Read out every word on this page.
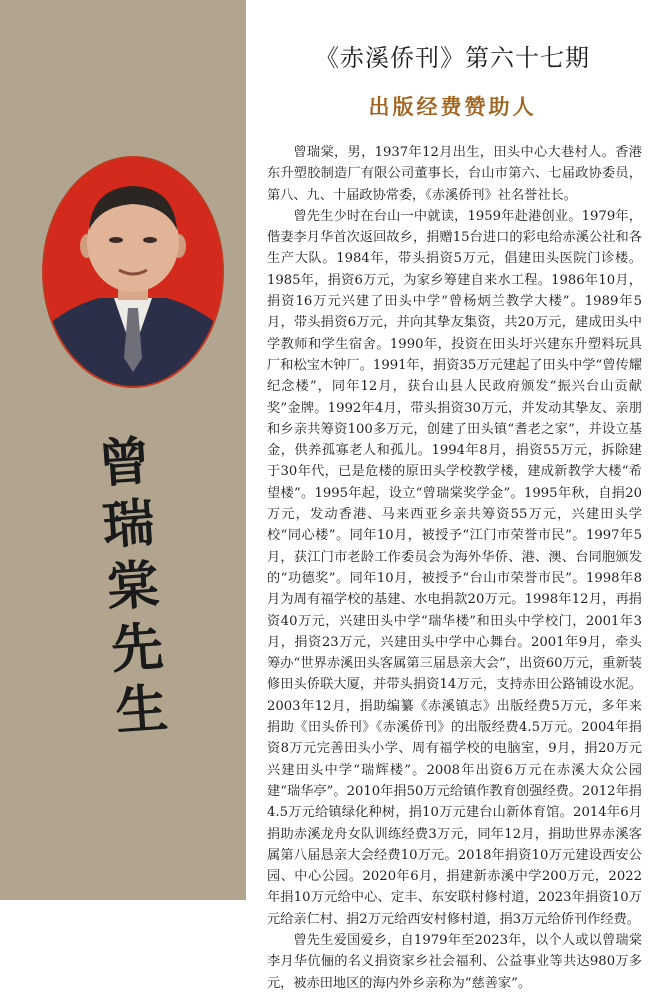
曾
瑞
棠
先
生
《赤溪侨刊》第六十七期
出版经费赞助人

曾瑞棠，男，1937年12月出生，田头中心大巷村人。香港东升塑胶制造厂有限公司董事长，台山市第六、七届政协委员，第八、九、十届政协常委，《赤溪侨刊》社名誉社长。

曾先生少时在台山一中就读，1959年赴港创业。1979年，偕妻李月华首次返回故乡，捐赠15台进口的彩电给赤溪公社和各生产大队。1984年，带头捐资5万元，倡建田头医院门诊楼。1985年，捐资6万元，为家乡筹建自来水工程。1986年10月，捐资16万元兴建了田头中学“曾杨炳兰教学大楼”。1989年5月，带头捐资6万元，并向其挚友集资，共20万元，建成田头中学教师和学生宿舍。1990年，投资在田头圩兴建东升塑料玩具厂和松宝木钟厂。1991年，捐资35万元建起了田头中学“曾传耀纪念楼”，同年12月，获台山县人民政府颁发“振兴台山贡献奖”金牌。1992年4月，带头捐资30万元，并发动其挚友、亲朋和乡亲共筹资100多万元，创建了田头镇“耆老之家”，并设立基金，供养孤寡老人和孤儿。1994年8月，捐资55万元，拆除建于30年代，已是危楼的原田头学校教学楼，建成新教学大楼“希望楼”。1995年起，设立“曾瑞棠奖学金”。1995年秋，自捐20万元，发动香港、马来西亚乡亲共筹资55万元，兴建田头学校“同心楼”。同年10月，被授予“江门市荣誉市民”。1997年5月，获江门市老龄工作委员会为海外华侨、港、澳、台同胞颁发的“功德奖”。同年10月，被授予“台山市荣誉市民”。1998年8月为周有福学校的基建、水电捐款20万元。1998年12月，再捐资40万元，兴建田头中学“瑞华楼”和田头中学校门，2001年3月，捐资23万元，兴建田头中学中心舞台。2001年9月，牵头筹办“世界赤溪田头客属第三届恳亲大会”，出资60万元，重新装修田头侨联大厦，并带头捐资14万元，支持赤田公路铺设水泥。2003年12月，捐助编纂《赤溪镇志》出版经费5万元，多年来捐助《田头侨刊》《赤溪侨刊》的出版经费4.5万元。2004年捐资8万元完善田头小学、周有福学校的电脑室，9月，捐20万元兴建田头中学“瑞辉楼”。2008年出资6万元在赤溪大众公园建“瑞华亭”。2010年捐50万元给镇作教育创强经费。2012年捐4.5万元给镇绿化种树，捐10万元建台山新体育馆。2014年6月捐助赤溪龙舟女队训练经费3万元，同年12月，捐助世界赤溪客属第八届恳亲大会经费10万元。2018年捐资10万元建设西安公园、中心公园。2020年6月，捐建新赤溪中学200万元，2022年捐10万元给中心、定丰、东安联村修村道，2023年捐资10万元给亲仁村、捐2万元给西安村修村道，捐3万元给侨刊作经费。

曾先生爱国爱乡，自1979年至2023年，以个人或以曾瑞棠李月华伉俪的名义捐资家乡社会福利、公益事业等共达980万多元，被赤田地区的海内外乡亲称为“慈善家”。
